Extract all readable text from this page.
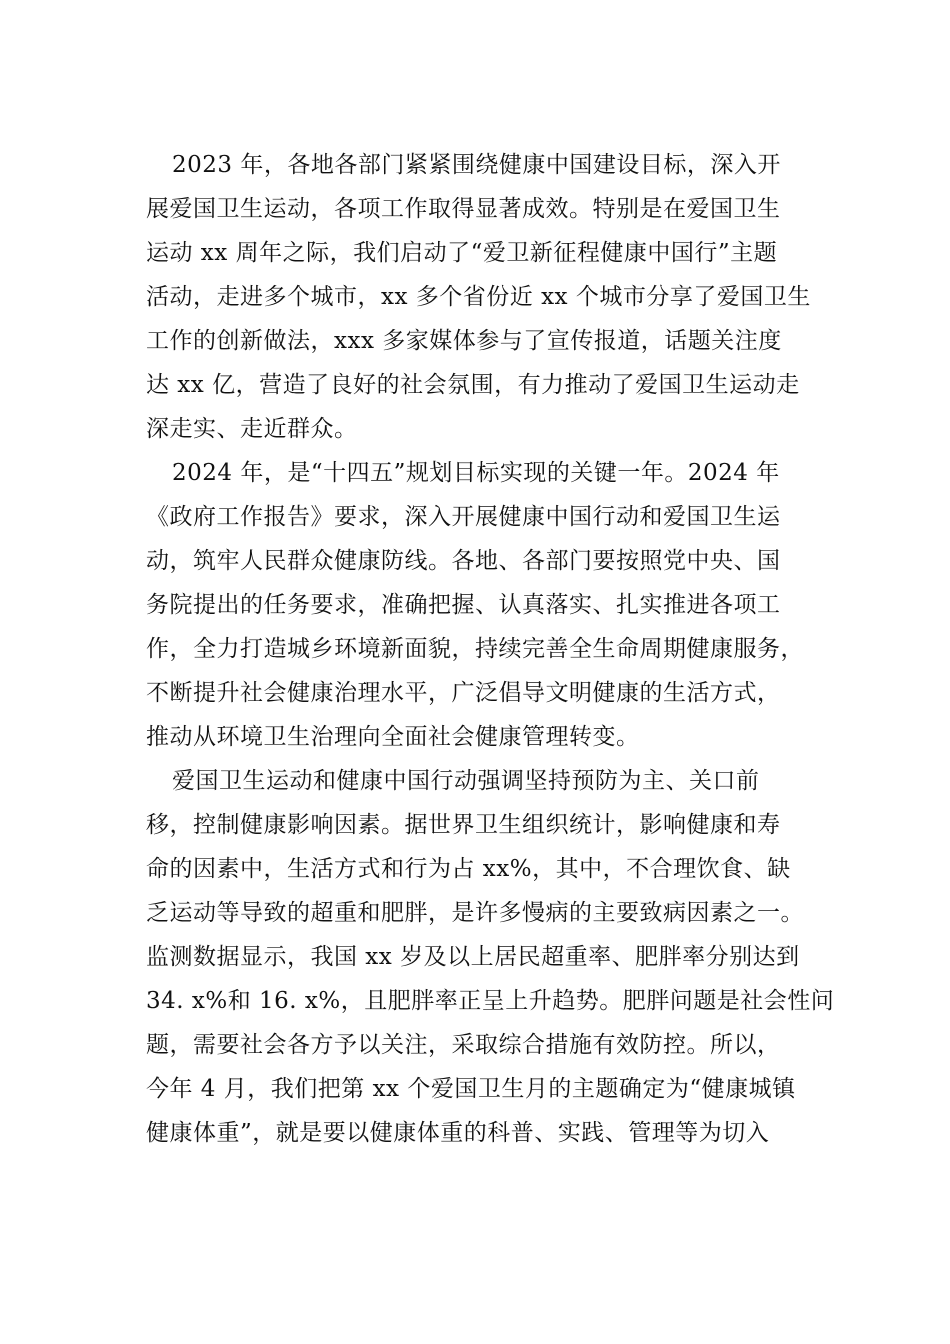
2023 年，各地各部门紧紧围绕健康中国建设目标，深入开
展爱国卫生运动，各项工作取得显著成效。特别是在爱国卫生
运动 xx 周年之际，我们启动了“爱卫新征程健康中国行”主题
活动，走进多个城市，xx 多个省份近 xx 个城市分享了爱国卫生
工作的创新做法，xxx 多家媒体参与了宣传报道，话题关注度
达 xx 亿，营造了良好的社会氛围，有力推动了爱国卫生运动走
深走实、走近群众。
2024 年，是“十四五”规划目标实现的关键一年。2024 年
《政府工作报告》要求，深入开展健康中国行动和爱国卫生运
动，筑牢人民群众健康防线。各地、各部门要按照党中央、国
务院提出的任务要求，准确把握、认真落实、扎实推进各项工
作，全力打造城乡环境新面貌，持续完善全生命周期健康服务，
不断提升社会健康治理水平，广泛倡导文明健康的生活方式，
推动从环境卫生治理向全面社会健康管理转变。
爱国卫生运动和健康中国行动强调坚持预防为主、关口前
移，控制健康影响因素。据世界卫生组织统计，影响健康和寿
命的因素中，生活方式和行为占 xx%，其中，不合理饮食、缺
乏运动等导致的超重和肥胖，是许多慢病的主要致病因素之一。
监测数据显示，我国 xx 岁及以上居民超重率、肥胖率分别达到
34. x%和 16. x%，且肥胖率正呈上升趋势。肥胖问题是社会性问
题，需要社会各方予以关注，采取综合措施有效防控。所以，
今年 4 月，我们把第 xx 个爱国卫生月的主题确定为“健康城镇
健康体重”，就是要以健康体重的科普、实践、管理等为切入
